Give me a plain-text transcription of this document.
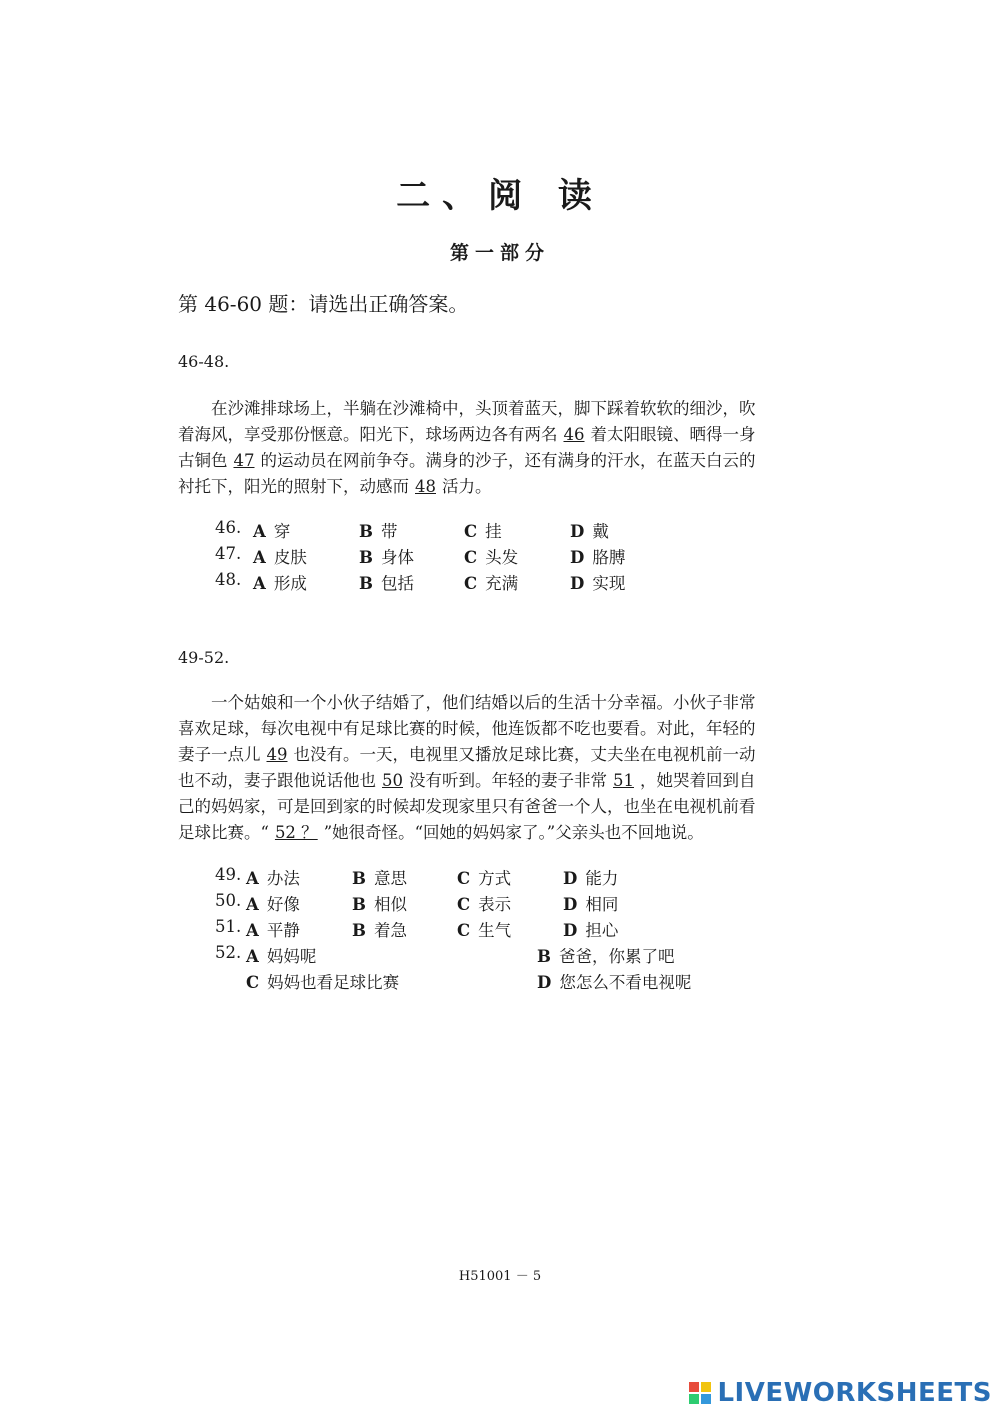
二、阅 读
第一部分
第 46-60 题：请选出正确答案。
46-48.
　　在沙滩排球场上，半躺在沙滩椅中，头顶着蓝天，脚下踩着软软的细沙，吹
着海风，享受那份惬意。阳光下，球场两边各有两名 46 着太阳眼镜、晒得一身
古铜色 47 的运动员在网前争夺。满身的沙子，还有满身的汗水，在蓝天白云的
衬托下，阳光的照射下，动感而 48 活力。
46. A 穿	B 带	C 挂	D 戴
47. A 皮肤	B 身体	C 头发	D 胳膊
48. A 形成	B 包括	C 充满	D 实现
49-52.
　　一个姑娘和一个小伙子结婚了，他们结婚以后的生活十分幸福。小伙子非常
喜欢足球，每次电视中有足球比赛的时候，他连饭都不吃也要看。对此，年轻的
妻子一点儿 49 也没有。一天，电视里又播放足球比赛，丈夫坐在电视机前一动
也不动，妻子跟他说话他也 50 没有听到。年轻的妻子非常 51 ，她哭着回到自
己的妈妈家，可是回到家的时候却发现家里只有爸爸一个人，也坐在电视机前看
足球比赛。“ 52 ？ ”她很奇怪。“回她的妈妈家了。”父亲头也不回地说。
49. A 办法	B 意思	C 方式	D 能力
50. A 好像	B 相似	C 表示	D 相同
51. A 平静	B 着急	C 生气	D 担心
52. A 妈妈呢	B 爸爸，你累了吧
C 妈妈也看足球比赛	D 您怎么不看电视呢
H51001 － 5
LIVEWORKSHEETS
